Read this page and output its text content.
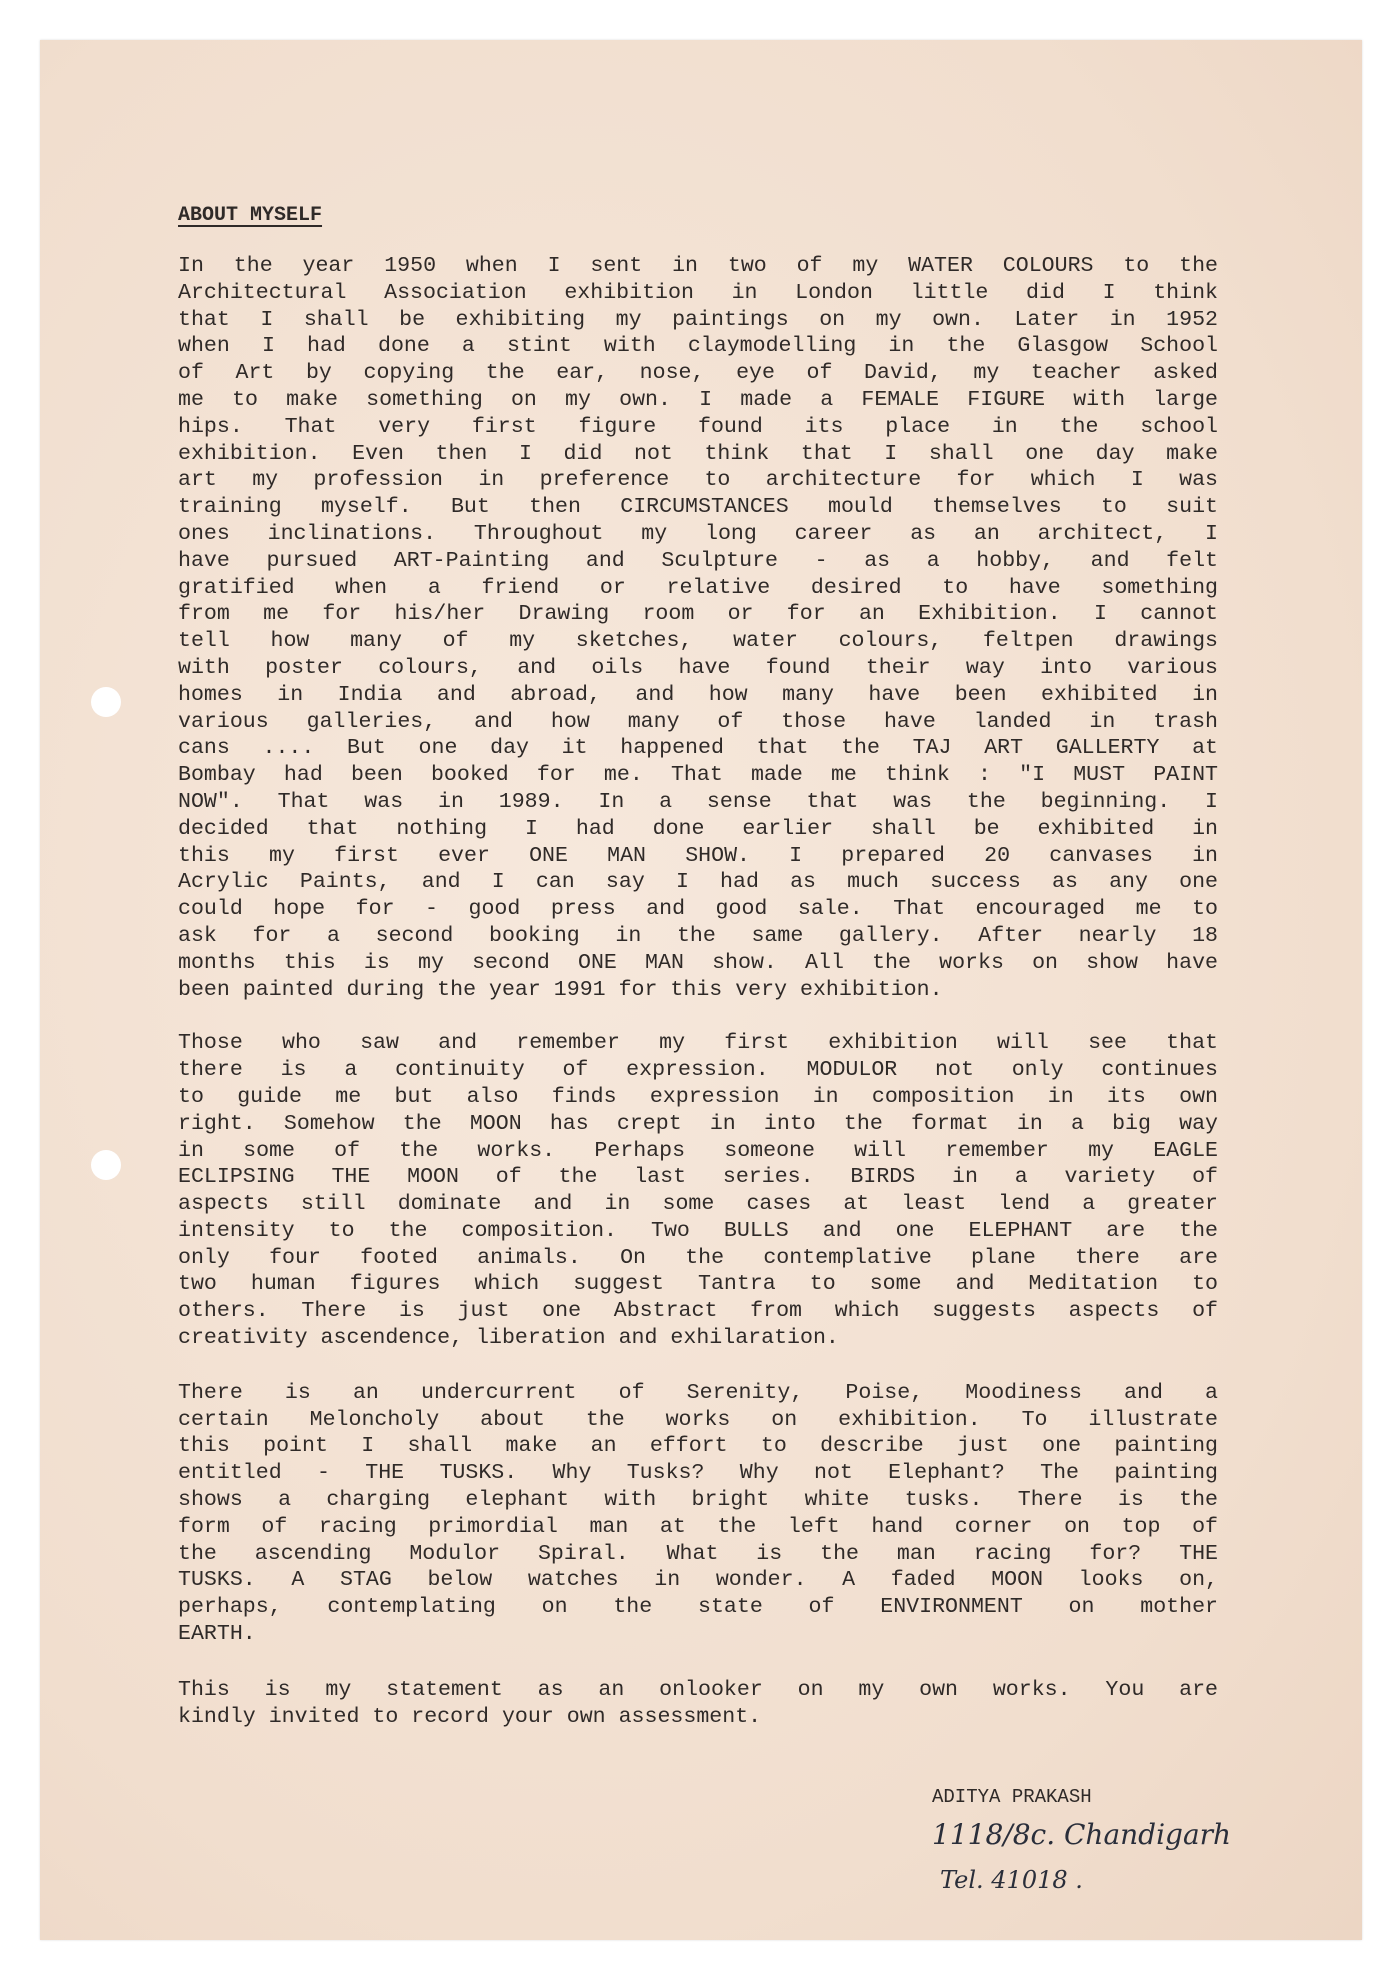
ABOUT MYSELF
In the year 1950 when I sent in two of my WATER COLOURS to the
Architectural Association exhibition in London little did I think
that I shall be exhibiting my paintings on my own. Later in 1952
when I had done a stint with claymodelling in the Glasgow School
of Art by copying the ear, nose, eye of David, my teacher asked
me to make something on my own. I made a FEMALE FIGURE with large
hips. That very first figure found its place in the school
exhibition. Even then I did not think that I shall one day make
art my profession in preference to architecture for which I was
training myself. But then CIRCUMSTANCES mould themselves to suit
ones inclinations. Throughout my long career as an architect, I
have pursued ART-Painting and Sculpture - as a hobby, and felt
gratified when a friend or relative desired to have something
from me for his/her Drawing room or for an Exhibition. I cannot
tell how many of my sketches, water colours, feltpen drawings
with poster colours, and oils have found their way into various
homes in India and abroad, and how many have been exhibited in
various galleries, and how many of those have landed in trash
cans .... But one day it happened that the TAJ ART GALLERTY at
Bombay had been booked for me. That made me think : "I MUST PAINT
NOW". That was in 1989. In a sense that was the beginning. I
decided that nothing I had done earlier shall be exhibited in
this my first ever ONE MAN SHOW. I prepared 20 canvases in
Acrylic Paints, and I can say I had as much success as any one
could hope for - good press and good sale. That encouraged me to
ask for a second booking in the same gallery. After nearly 18
months this is my second ONE MAN show. All the works on show have
been painted during the year 1991 for this very exhibition.
Those who saw and remember my first exhibition will see that
there is a continuity of expression. MODULOR not only continues
to guide me but also finds expression in composition in its own
right. Somehow the MOON has crept in into the format in a big way
in some of the works. Perhaps someone will remember my EAGLE
ECLIPSING THE MOON of the last series. BIRDS in a variety of
aspects still dominate and in some cases at least lend a greater
intensity to the composition. Two BULLS and one ELEPHANT are the
only four footed animals. On the contemplative plane there are
two human figures which suggest Tantra to some and Meditation to
others. There is just one Abstract from which suggests aspects of
creativity ascendence, liberation and exhilaration.
There is an undercurrent of Serenity, Poise, Moodiness and a
certain Meloncholy about the works on exhibition. To illustrate
this point I shall make an effort to describe just one painting
entitled - THE TUSKS. Why Tusks? Why not Elephant? The painting
shows a charging elephant with bright white tusks. There is the
form of racing primordial man at the left hand corner on top of
the ascending Modulor Spiral. What is the man racing for? THE
TUSKS. A STAG below watches in wonder. A faded MOON looks on,
perhaps, contemplating on the state of ENVIRONMENT on mother
EARTH.
This is my statement as an onlooker on my own works. You are
kindly invited to record your own assessment.
ADITYA PRAKASH
1118/8c. Chandigarh
Tel. 41018 .
